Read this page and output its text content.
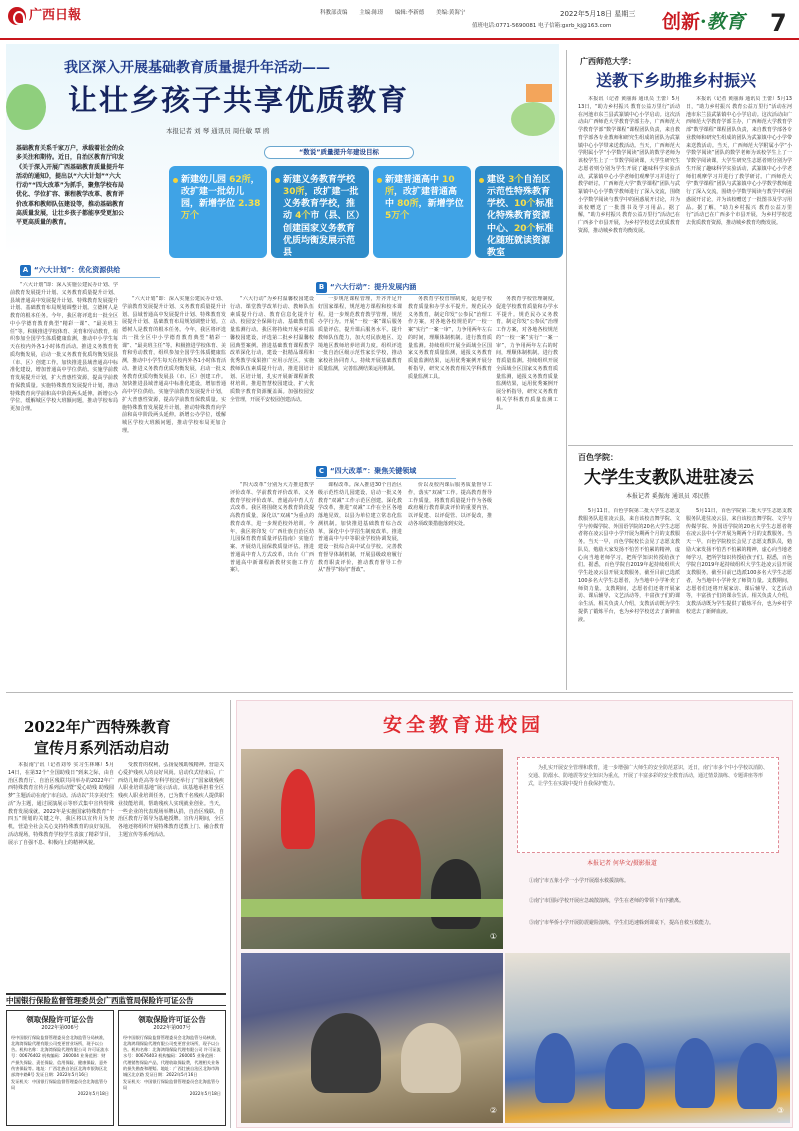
广西日報	科教部责编 主编:陈璟 编辑:李新德 美编:黄海宁	2022年5月18日 星期三
值班电话:0771-5690081 电子信箱:gxrb_kj@163.com	创新·教育 7
我区深入开展基础教育质量提升年活动——
让壮乡孩子共享优质教育
本报记者 刘 琴 通讯员 周仕敏 覃 鸥
基础教育关系千家万户，承载着社会的众多关注和期待。近日，自治区教育厅印发《关于深入开展广西基础教育质量提升年活动的通知》，提出以“六大计划”“六大行动”“四大改革”为抓手，聚焦学校布局优化、学位扩容、课程教学改革、教育评价改革和教师队伍建设等，推动基础教育高质量发展，让壮乡孩子都能享受更加公平更高质量的教育。
“数说”质量提升年建设目标
新建幼儿园 62所，改扩建一批幼儿园，新增学位 2.38万个
新建义务教育学校 30所，改扩建一批义务教育学校，推动 4个市（县、区）创建国家义务教育优质均衡发展示范县
新建普通高中 10所，改扩建普通高中 80所，新增学位 5万个
建设 3个自治区示范性特殊教育学校、10个标准化特殊教育资源中心、20个标准化随班就读资源教室
A “六大计划”：优化资源供给
B “六大行动”：提升发展内涵
C “四大改革”：聚焦关键领域
“六大计划”即：深入实施公建民办计划、学前教育发展提升计划、义务教育质量提升计划、县域普通高中发展提升计划、特殊教育发展提升计划、基础教育布局规划调整计划。立德树人是教育的根本任务。今年，我区将评选出一批全区中小学德育教育典型“精彩一课”、“最美班主任”等。积极推进学校体育、美育和劳动教育，组织参加全国学生体质健康监测，推动中小学生每天在校内外各1小时体育活动。推进义务教育优质均衡发展，启动一批义务教育优质均衡发展县（市、区）创建工作。加快推进县域普通高中标准化建设，增加普通高中学位供给。实施学前教育发展提升计划，扩大普惠性资源，提高学前教育保教质量。实施特殊教育发展提升计划，推动特殊教育向学前和高中阶段两头延伸。新增公办学位，缓解城区学校大班额问题，推动学校布局更加合理。
“六大行动”为乡村温馨校园建设行动、课堂教学改革行动、教师队伍素质提升行动、教育信息化提升行动、校园安全保障行动、基础教育质量监测行动。我区将持续开展乡村温馨校园建设，评选第二批乡村温馨校园典型案例。推进基础教育课程教学改革深化行动，建设一批精品课程和优秀教学成果推广应用示范区。实施教师队伍素质提升行动，推进国培计划、区培计划，扎实开展新课程新教材培训。推进智慧校园建设，扩大优质数字教育资源覆盖面。加强校园安全管理，开展平安校园创建活动。
一步规范课程管理，开齐开足开好国家课程，规范地方课程和校本课程。进一步规范教育教学管理，规范办学行为。开展“一校一案”课后服务质量评估，提升课后服务水平。提升教师队伍能力，加大对民族地区、边境地区教师培养培训力度。组织评选一批自治区级示范性家长学校，推动家校社协同育人。持续开展基础教育质量监测，完善监测结果运用机制。
务教育学校管理制度，促进学校教育质量和办学水平提升。规范民办义务教育，制定印发“公参民”治理工作方案，对各地各校规范的“一校一案”实行“一案一审”，力争用两年左右的时间，理顺体制机制。进行教育质量监测。持续组织开展全面域全区国家义务教育质量监测，通报义务教育质量监测结果，运用优秀案例开展分析指导，研究义务教育相关学科教育质量监测工具。
“六大计划”即：深入实施公建民办计划、学前教育发展提升计划、义务教育质量提升计划、县域普通高中发展提升计划、特殊教育发展提升计划、基础教育布局规划调整计划。立德树人是教育的根本任务。今年，我区将评选出一批全区中小学德育教育典型“精彩一课”、“最美班主任”等。积极推进学校体育、美育和劳动教育，组织参加全国学生体质健康监测，推动中小学生每天在校内外各1小时体育活动。推进义务教育优质均衡发展，启动一批义务教育优质均衡发展县（市、区）创建工作。加快推进县域普通高中标准化建设，增加普通高中学位供给。实施学前教育发展提升计划，扩大普惠性资源，提高学前教育保教质量。实施特殊教育发展提升计划，推动特殊教育向学前和高中阶段两头延伸。新增公办学位，缓解城区学校大班额问题，推动学校布局更加合理。
“四大改革”分别为大力推进教学评价改革、学前教育评价改革、义务教育学校评价改革、普通高中育人方式改革。我区将围绕义务教育阶段提高教育质量，深化以“双减”为重点的教育改革，进一步规范校外培训。今年，我区将印发《广西壮族自治区幼儿园保育教育质量评估指南》实施方案、开展幼儿园保教质量评估。推进普通高中育人方式改革，出台《广西普通高中新课程新教材实施工作方案》。
课程改革。深入推进30个自治区级示范性幼儿园建设，启动一批义务教育“双减”工作示范区创建。深化教学改革，推进“双减”工作在全区各地落地见效，以县为单位建立常态化监测机制。加快推进基础教育综合改革，深化中小学招生制度改革。推进普通高中与中等职业学校协调发展，建设一批综合高中试点学校。完善教育督导体制机制，开展县级政府履行教育职责评价，推动教育督导工作从“督学”转向“督政”。
价以及校内课后服务质量督导工作，落实“双减”工作。提高教育督导工作质量，将教育质量提升作为各级政府履行教育职责评价的重要内容，以评促建、以评促管、以评促改，推动各项政策措施落到实处。
务教育学校管理制度，促进学校教育质量和办学水平提升。规范民办义务教育，制定印发“公参民”治理工作方案，对各地各校规范的“一校一案”实行“一案一审”，力争用两年左右的时间，理顺体制机制。进行教育质量监测。持续组织开展全面域全区国家义务教育质量监测，通报义务教育质量监测结果，运用优秀案例开展分析指导，研究义务教育相关学科教育质量监测工具。
广西师范大学：
送教下乡助推乡村振兴
本报讯（记者 黄丽海 通讯员 王蕾）5月13日，“助力乡村振兴 教育公益万里行”活动在河池市东兰县武篆镇中心小学启动。这次活动由广西师范大学教育学部主办，广西师范大学教育学部“数学课程”课程团队负责，来自教育学部各专业教师和研究生组成的团队为武篆镇中心小学带来送教活动。当天，广西师范大学附属小学“小学数学阅读”团队的数学老师为该校学生上了一节数学阅读课，大学生研究生志愿者则分别为学生开展了趣味科学实验活动，武篆镇中心小学老师们观摩学习并进行了教学研讨。广西师范大学“数学课程”团队与武篆镇中心小学数学教师进行了深入交流，围绕小学数学阅读与教学中的困惑展开讨论，并为该校赠送了一批图书及学习用品。据了解，“助力乡村振兴 教育公益万里行”活动已在广西多个市县开展，为乡村学校送去优质教育资源，推动城乡教育均衡发展。
本报讯（记者 黄丽海 通讯员 王蕾）5月13日，“助力乡村振兴 教育公益万里行”活动在河池市东兰县武篆镇中心小学启动。这次活动由广西师范大学教育学部主办，广西师范大学教育学部“数学课程”课程团队负责，来自教育学部各专业教师和研究生组成的团队为武篆镇中心小学带来送教活动。当天，广西师范大学附属小学“小学数学阅读”团队的数学老师为该校学生上了一节数学阅读课，大学生研究生志愿者则分别为学生开展了趣味科学实验活动，武篆镇中心小学老师们观摩学习并进行了教学研讨。广西师范大学“数学课程”团队与武篆镇中心小学数学教师进行了深入交流，围绕小学数学阅读与教学中的困惑展开讨论，并为该校赠送了一批图书及学习用品。据了解，“助力乡村振兴 教育公益万里行”活动已在广西多个市县开展，为乡村学校送去优质教育资源，推动城乡教育均衡发展。
百色学院：
大学生支教队进驻凌云
本报记者 奚振海 通讯员 邓民胜
5月11日，百色学院第二批大学生志愿支教服务队进驻凌云县，来自该校音舞学院、文学与传媒学院、外国语学院的20名大学生志愿者将在凌云县中小学开展为期两个月的支教服务。当天一早，百色学院校长会见了志愿支教队员，勉励大家发扬不怕苦不怕累的精神，虚心向当地老师学习，把所学知识传授给孩子们。据悉，百色学院自2019年起持续组织大学生赴凌云县开展支教服务，截至目前已选派100多名大学生志愿者，为当地中小学补充了师资力量。支教期间，志愿者们还将开展家访、课后辅导、文艺活动等，丰富孩子们的课余生活。相关负责人介绍，支教活动既为学生提供了锻炼平台，也为乡村学校送去了新鲜血液。
5月11日，百色学院第二批大学生志愿支教服务队进驻凌云县，来自该校音舞学院、文学与传媒学院、外国语学院的20名大学生志愿者将在凌云县中小学开展为期两个月的支教服务。当天一早，百色学院校长会见了志愿支教队员，勉励大家发扬不怕苦不怕累的精神，虚心向当地老师学习，把所学知识传授给孩子们。据悉，百色学院自2019年起持续组织大学生赴凌云县开展支教服务，截至目前已选派100多名大学生志愿者，为当地中小学补充了师资力量。支教期间，志愿者们还将开展家访、课后辅导、文艺活动等，丰富孩子们的课余生活。相关负责人介绍，支教活动既为学生提供了锻炼平台，也为乡村学校送去了新鲜血液。
2022年广西特殊教育
宣传月系列活动启动
本报南宁讯（记者刘琴 实习生林琳）5月14日，在第32个“全国助残日”到来之际，由自治区教育厅、自治区残联共同举办的2022年广西特殊教育宣传月系列活动暨“爱心助残 助残圆梦”主题活动在南宁市启动。活动以“共享美好生活”为主题，通过展演展示等形式集中宣传特殊教育发展成就。2022年是实施国家特殊教育“十四五”规划的关键之年，我区将以宣传月为契机，营造全社会关心支持特殊教育的良好氛围。活动现场，特殊教育学校学生表演了精彩节目，展示了自强不息、积极向上的精神风貌。
受教育的权利，弘扬爱残助残精神。营造关心爱护残疾人的良好风尚。启动仪式结束后，广西幼儿师范高等专科学校还举行了“国家级残疾人职业培训基地”展示活动。该基地承担着全区残疾人职业培训任务，已为数千名残疾人提供职业技能培训，帮助残疾人实现就业创业。当天，一些企业的代表现场举牌认捐，自治区残联、自治区教育厅领导为基地授牌。宣传月期间，全区各地还将组织开展特殊教育送教上门、融合教育主题宣传等系列活动。
中国银行保险监督管理委员会广西监管局保险许可证公告
领取保险许可证公告
2022年第006号
经中国银行保险监督管理委员会北海监管分局核准，北海湾保险代理有限公司变更营业场所，现予以公告。机构名称：北海湾保险代理有限公司 许可证流水号：00676402 机构编码：260004 业务范围：财产损失保险、责任保险、信用保险、健康保险、意外伤害保险等。地址：广西壮族自治区北海市银海区北部湾中路8号 发证日期：2022年5月16日
发证机关：中国银行保险监督管理委员会北海监管分局
2022年5月18日
领取保险许可证公告
2022年第007号
经中国银行保险监督管理委员会北海监管分局核准，北海鸿翔保险代理有限公司变更营业场所，现予以公告。机构名称：北海鸿翔保险代理有限公司 许可证流水号：00676403 机构编码：260005 业务范围：代理销售保险产品，代理收取保险费，代理相关业务的损失勘查和理赔。地址：广西壮族自治区北海市海城区北京路 发证日期：2022年5月16日
发证机关：中国银行保险监督管理委员会北海监管分局
2022年5月18日
安全教育进校园
①
②	③
为扎实开展安全管理和教育，进一步增强广大师生的安全防范意识，近日，南宁市多个中小学校以消防、交通、防溺水、防地震等安全知识为重点，开展了丰富多彩的安全教育活动，通过情景演练、专题讲座等形式，让学生在实践中提升自我保护能力。
本报记者 何华文/摄影报道
①南宁市五象小学一小学开展溺水救援演练。
②南宁市国际学校开展应急疏散演练，学生在老师的带领下有序撤离。
③南宁市华侨小学开展防震避险演练，学生们迅速躲到课桌下，提高自救互救能力。
